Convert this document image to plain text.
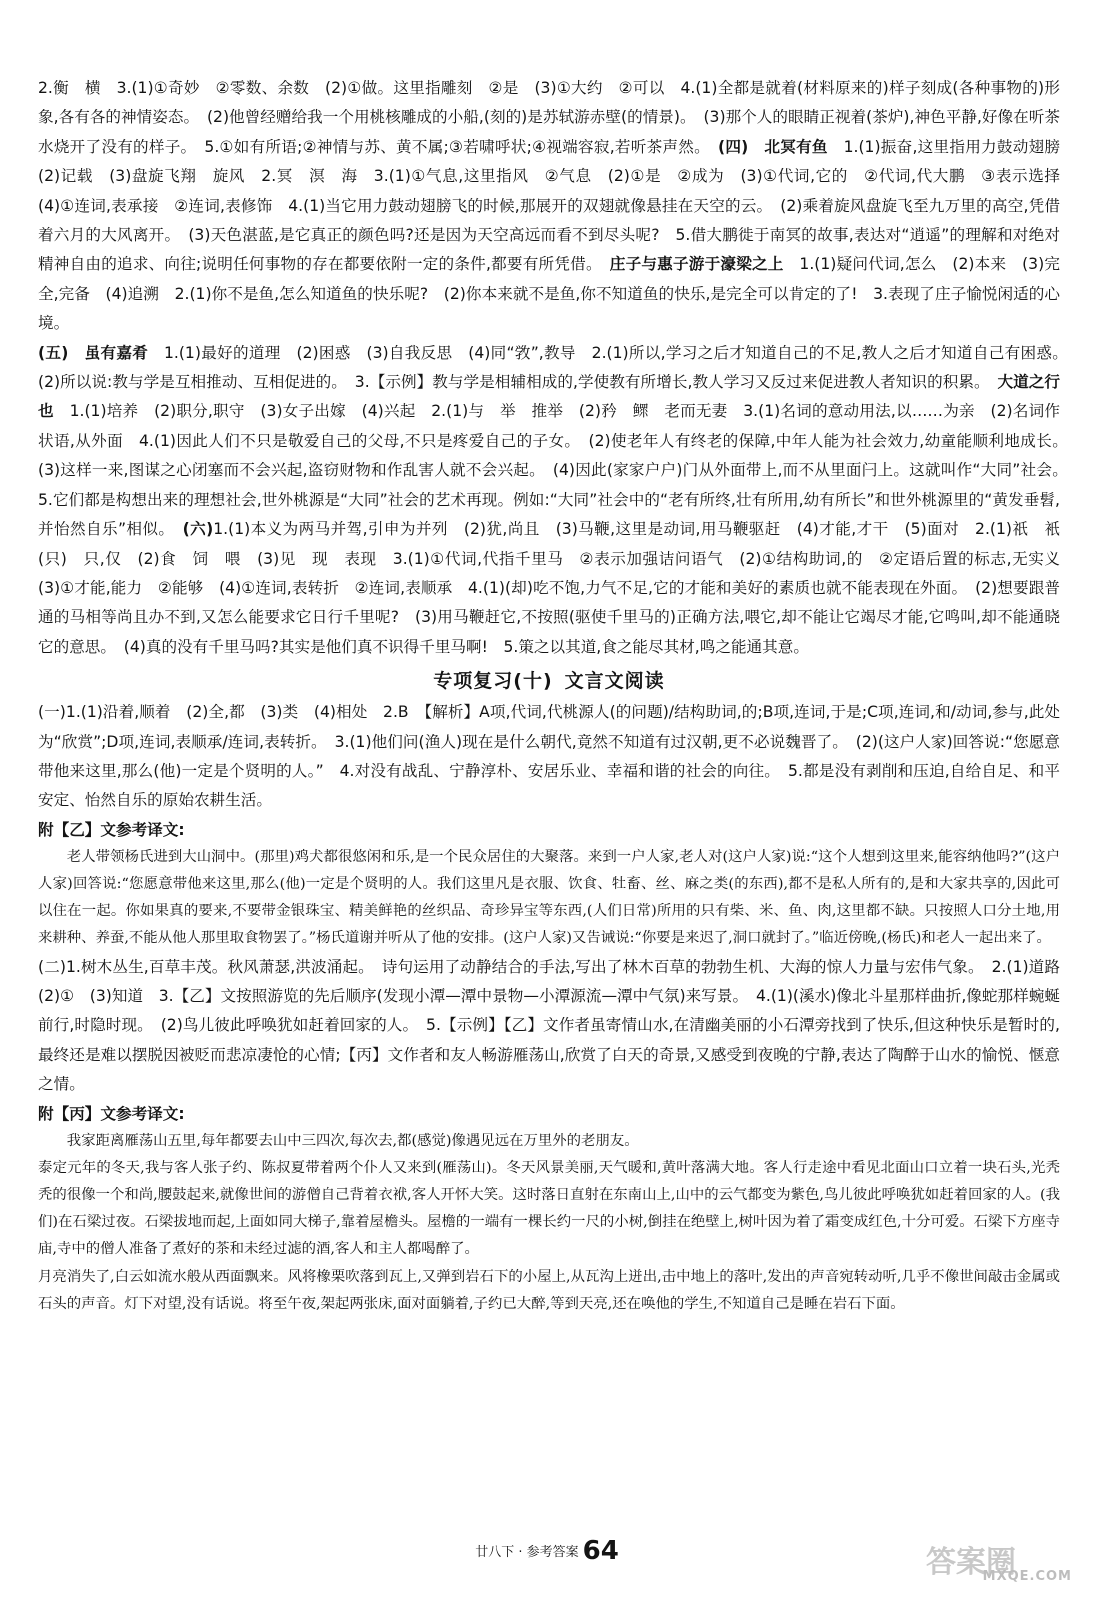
2.衡　横　3.(1)①奇妙　②零数、余数　(2)①做。这里指雕刻　②是　(3)①大约　②可以　4.(1)全都是就着(材料原来的)样子刻成(各种事物的)形象,各有各的神情姿态。　(2)他曾经赠给我一个用桃核雕成的小船,(刻的)是苏轼游赤壁(的情景)。　(3)那个人的眼睛正视着(茶炉),神色平静,好像在听茶水烧开了没有的样子。　5.①如有所语;②神情与苏、黄不属;③若啸呼状;④视端容寂,若听茶声然。　(四)　北冥有鱼　1.(1)振奋,这里指用力鼓动翅膀　(2)记载　(3)盘旋飞翔　旋风　2.冥　溟　海　3.(1)①气息,这里指风　②气息　(2)①是　②成为　(3)①代词,它的　②代词,代大鹏　③表示选择　(4)①连词,表承接　②连词,表修饰　4.(1)当它用力鼓动翅膀飞的时候,那展开的双翅就像悬挂在天空的云。　(2)乘着旋风盘旋飞至九万里的高空,凭借着六月的大风离开。　(3)天色湛蓝,是它真正的颜色吗?还是因为天空高远而看不到尽头呢?　5.借大鹏徙于南冥的故事,表达对“逍遥”的理解和对绝对精神自由的追求、向往;说明任何事物的存在都要依附一定的条件,都要有所凭借。　庄子与惠子游于濠梁之上　1.(1)疑问代词,怎么　(2)本来　(3)完全,完备　(4)追溯　2.(1)你不是鱼,怎么知道鱼的快乐呢?　(2)你本来就不是鱼,你不知道鱼的快乐,是完全可以肯定的了!　3.表现了庄子愉悦闲适的心境。

(五)　虽有嘉肴　1.(1)最好的道理　(2)困惑　(3)自我反思　(4)同“敩”,教导　2.(1)所以,学习之后才知道自己的不足,教人之后才知道自己有困惑。　(2)所以说:教与学是互相推动、互相促进的。　3.【示例】教与学是相辅相成的,学使教有所增长,教人学习又反过来促进教人者知识的积累。　大道之行也　1.(1)培养　(2)职分,职守　(3)女子出嫁　(4)兴起　2.(1)与　举　推举　(2)矜　鳏　老而无妻　3.(1)名词的意动用法,以……为亲　(2)名词作状语,从外面　4.(1)因此人们不只是敬爱自己的父母,不只是疼爱自己的子女。　(2)使老年人有终老的保障,中年人能为社会效力,幼童能顺利地成长。　(3)这样一来,图谋之心闭塞而不会兴起,盗窃财物和作乱害人就不会兴起。　(4)因此(家家户户)门从外面带上,而不从里面闩上。这就叫作“大同”社会。　5.它们都是构想出来的理想社会,世外桃源是“大同”社会的艺术再现。例如:“大同”社会中的“老有所终,壮有所用,幼有所长”和世外桃源里的“黄发垂髫,并怡然自乐”相似。　(六)1.(1)本义为两马并驾,引申为并列　(2)犹,尚且　(3)马鞭,这里是动词,用马鞭驱赶　(4)才能,才干　(5)面对　2.(1)祇　衹(只)　只,仅　(2)食　饲　喂　(3)见　现　表现　3.(1)①代词,代指千里马　②表示加强诘问语气　(2)①结构助词,的　②定语后置的标志,无实义　(3)①才能,能力　②能够　(4)①连词,表转折　②连词,表顺承　4.(1)(却)吃不饱,力气不足,它的才能和美好的素质也就不能表现在外面。　(2)想要跟普通的马相等尚且办不到,又怎么能要求它日行千里呢?　(3)用马鞭赶它,不按照(驱使千里马的)正确方法,喂它,却不能让它竭尽才能,它鸣叫,却不能通晓它的意思。　(4)真的没有千里马吗?其实是他们真不识得千里马啊!　5.策之以其道,食之能尽其材,鸣之能通其意。

专项复习(十) 文言文阅读

(一)1.(1)沿着,顺着　(2)全,都　(3)类　(4)相处　2.B　【解析】A项,代词,代桃源人(的问题)/结构助词,的;B项,连词,于是;C项,连词,和/动词,参与,此处为“欣赏”;D项,连词,表顺承/连词,表转折。　3.(1)他们问(渔人)现在是什么朝代,竟然不知道有过汉朝,更不必说魏晋了。　(2)(这户人家)回答说:“您愿意带他来这里,那么(他)一定是个贤明的人。”　4.对没有战乱、宁静淳朴、安居乐业、幸福和谐的社会的向往。　5.都是没有剥削和压迫,自给自足、和平安定、怡然自乐的原始农耕生活。

附【乙】文参考译文:

老人带领杨氏进到大山洞中。(那里)鸡犬都很悠闲和乐,是一个民众居住的大聚落。来到一户人家,老人对(这户人家)说:“这个人想到这里来,能容纳他吗?”(这户人家)回答说:“您愿意带他来这里,那么(他)一定是个贤明的人。我们这里凡是衣服、饮食、牡畜、丝、麻之类(的东西),都不是私人所有的,是和大家共享的,因此可以住在一起。你如果真的要来,不要带金银珠宝、精美鲜艳的丝织品、奇珍异宝等东西,(人们日常)所用的只有柴、米、鱼、肉,这里都不缺。只按照人口分土地,用来耕种、养蚕,不能从他人那里取食物罢了。”杨氏道谢并听从了他的安排。(这户人家)又告诫说:“你要是来迟了,洞口就封了。”临近傍晚,(杨氏)和老人一起出来了。

(二)1.树木丛生,百草丰茂。秋风萧瑟,洪波涌起。　诗句运用了动静结合的手法,写出了林木百草的勃勃生机、大海的惊人力量与宏伟气象。　2.(1)道路　(2)①　(3)知道　3.【乙】文按照游览的先后顺序(发现小潭—潭中景物—小潭源流—潭中气氛)来写景。　4.(1)(溪水)像北斗星那样曲折,像蛇那样蜿蜒前行,时隐时现。　(2)鸟儿彼此呼唤犹如赶着回家的人。　5.【示例】【乙】文作者虽寄情山水,在清幽美丽的小石潭旁找到了快乐,但这种快乐是暂时的,最终还是难以摆脱因被贬而悲凉凄怆的心情;【丙】文作者和友人畅游雁荡山,欣赏了白天的奇景,又感受到夜晚的宁静,表达了陶醉于山水的愉悦、惬意之情。

附【丙】文参考译文:

我家距离雁荡山五里,每年都要去山中三四次,每次去,都(感觉)像遇见远在万里外的老朋友。

泰定元年的冬天,我与客人张子约、陈叔夏带着两个仆人又来到(雁荡山)。冬天风景美丽,天气暖和,黄叶落满大地。客人行走途中看见北面山口立着一块石头,光秃秃的很像一个和尚,腰鼓起来,就像世间的游僧自己背着衣袱,客人开怀大笑。这时落日直射在东南山上,山中的云气都变为紫色,鸟儿彼此呼唤犹如赶着回家的人。(我们)在石梁过夜。石梁拔地而起,上面如同大梯子,靠着屋檐头。屋檐的一端有一棵长约一尺的小树,倒挂在绝壁上,树叶因为着了霜变成红色,十分可爱。石梁下方座寺庙,寺中的僧人准备了煮好的茶和未经过滤的酒,客人和主人都喝醉了。

月亮消失了,白云如流水般从西面飘来。风将橡栗吹落到瓦上,又弹到岩石下的小屋上,从瓦沟上迸出,击中地上的落叶,发出的声音宛转动听,几乎不像世间敲击金属或石头的声音。灯下对望,没有话说。将至午夜,架起两张床,面对面躺着,子约已大醉,等到天亮,还在唤他的学生,不知道自己是睡在岩石下面。

廿八下 · 参考答案 64	答案圈
MXQE.COM
